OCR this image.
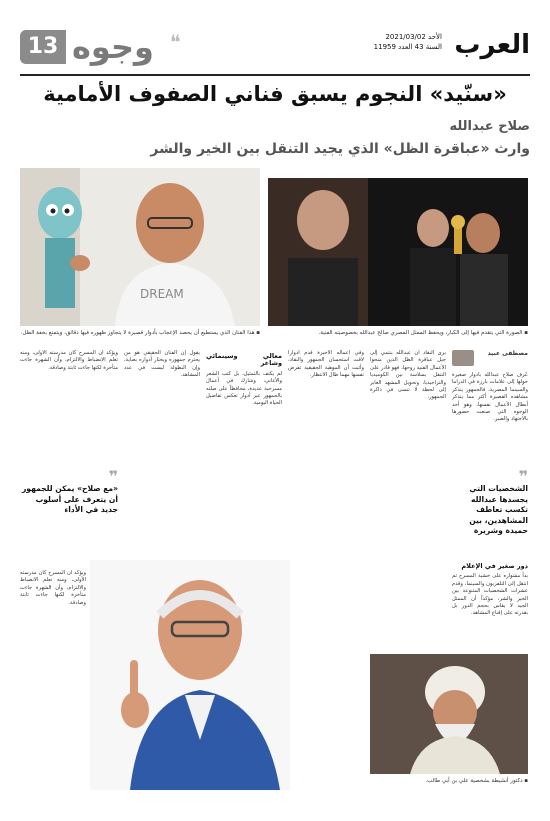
العرب
الأحد 2021/03/02
السنة 43 العدد 11959
❝
وجوه
13
«سنّيد» النجوم يسبق فناني الصفوف الأمامية
صلاح عبدالله
وارث «عباقرة الظل» الذي يجيد التنقل بين الخير والشر
DREAM
▪ هذا الفنان الذي يستطيع أن يحصد الإعجاب بأدوار قصيرة لا يتجاوز ظهوره فيها دقائق، ويتمتع بخفة الظل.	▪ الصورة التي يتقدم فيها إلى الكبار، ويحفظ الممثل المصري صالح عبدالله بخصوصيته الفنية.
مصطفى عبيد
عُرف صلاح عبدالله بأدوار صغيرة حولها إلى علامات بارزة في الدراما والسينما المصرية، فالجمهور يتذكر مشاهده القصيرة أكثر مما يتذكر أبطال الأعمال نفسها، وهو أحد الوجوه التي صنعت حضورها بالاجتهاد والصبر.
❞
الشخصيات التي يجسدها عبدالله تكسب تعاطف المشاهدين، بين حميدة وشريرة
دور صغير في الإعلام
بدأ مشواره على خشبة المسرح ثم انتقل إلى التلفزيون والسينما، وقدم عشرات الشخصيات المتنوعة بين الخير والشر، مؤكداً أن الممثل الجيد لا يقاس بحجم الدور بل بقدرته على إقناع المشاهد.
يرى النقاد أن عبدالله ينتمي إلى جيل عباقرة الظل الذين منحوا الأعمال الفنية روحها، فهو قادر على التنقل بسلاسة بين الكوميديا والتراجيديا، وتحويل المشهد العابر إلى لحظة لا تنسى في ذاكرة الجمهور.
وفي أعماله الأخيرة قدم أدواراً لاقت استحسان الجمهور والنقاد، وأثبت أن الموهبة الحقيقية تفرض نفسها مهما طال الانتظار.
معالي وسينمائي وشاعر
لم يكتف بالتمثيل، بل كتب الشعر والأغاني، وشارك في أعمال مسرحية عديدة، محافظاً على صلته بالجمهور عبر أدوار تعكس تفاصيل الحياة اليومية.
يقول إن الفنان الحقيقي هو من يحترم جمهوره ويختار أدواره بعناية، وإن البطولة ليست في عدد المشاهد.
ويؤكد أن المسرح كان مدرسته الأولى، ومنه تعلم الانضباط والالتزام، وأن الشهرة جاءت متأخرة لكنها جاءت ثابتة وصادقة.
❞
«مع صلاح» يمكن للجمهور أن يتعرف على أسلوب جديد في الأداء
ويؤكد أن المسرح كان مدرسته الأولى، ومنه تعلم الانضباط والالتزام، وأن الشهرة جاءت متأخرة لكنها جاءت ثابتة وصادقة.
▪ دكتور أنشيطة بشخصية علي بن أبي طالب.
